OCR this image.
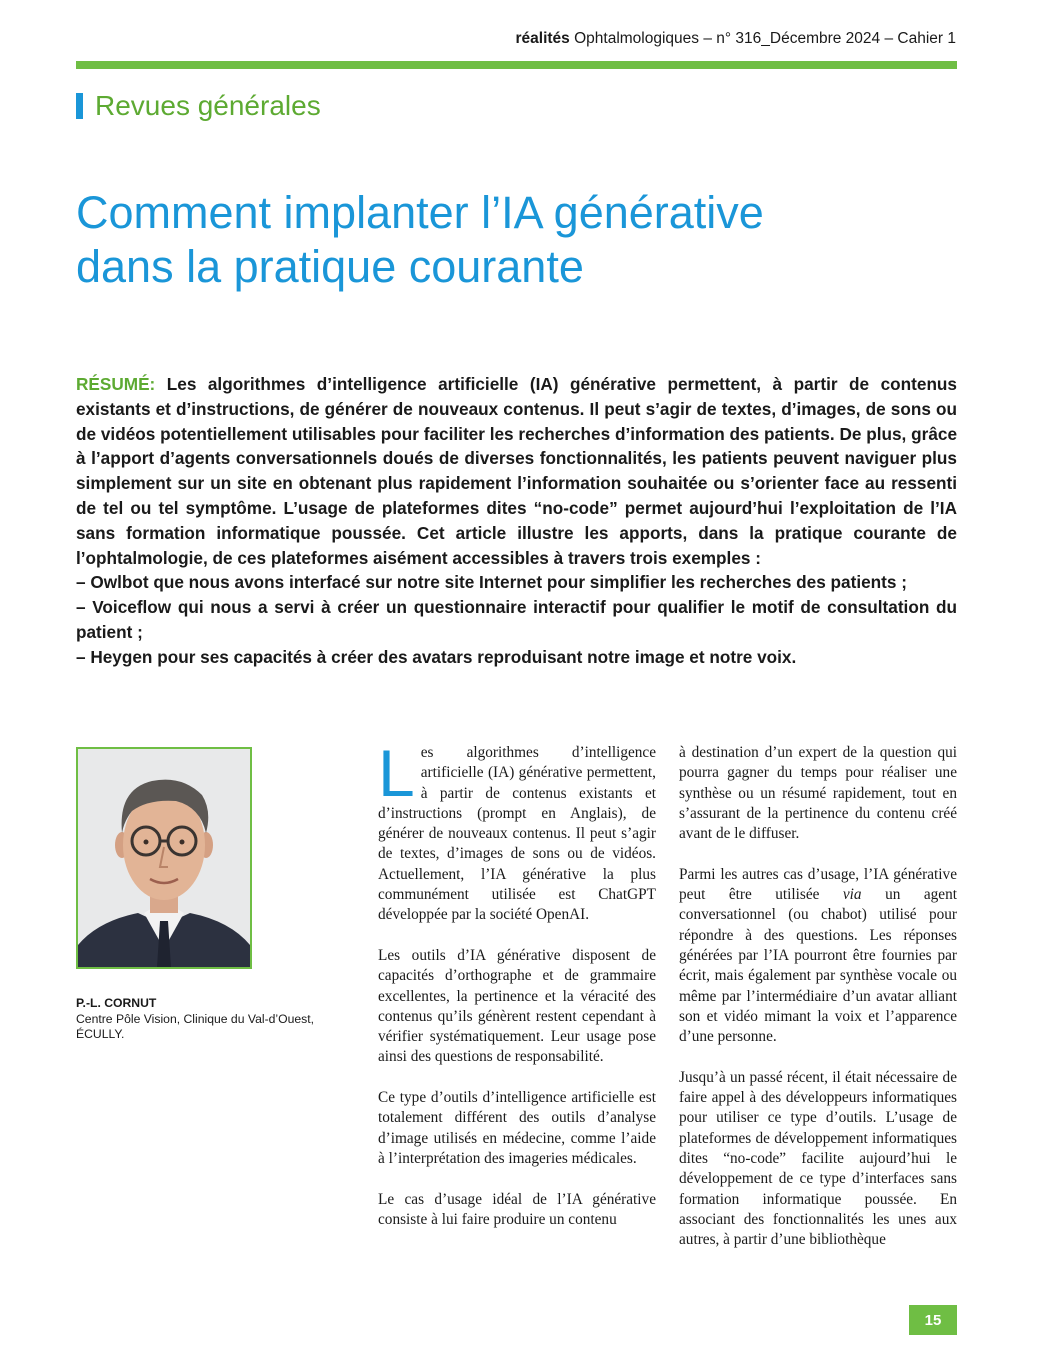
réalités Ophtalmologiques – n° 316_Décembre 2024 – Cahier 1
Revues générales
Comment implanter l’IA générative
dans la pratique courante

RÉSUMÉ: Les algorithmes d’intelligence artificielle (IA) générative permettent, à partir de contenus existants et d’instructions, de générer de nouveaux contenus. Il peut s’agir de textes, d’images, de sons ou de vidéos potentiellement utilisables pour faciliter les recherches d’information des patients. De plus, grâce à l’apport d’agents conversationnels doués de diverses fonctionnalités, les patients peuvent naviguer plus simplement sur un site en obtenant plus rapidement l’information souhaitée ou s’orienter face au ressenti de tel ou tel symptôme. L’usage de plateformes dites “no-code” permet aujourd’hui l’exploitation de l’IA sans formation informatique poussée. Cet article illustre les apports, dans la pratique courante de l’ophtalmologie, de ces plateformes aisément accessibles à travers trois exemples :

– Owlbot que nous avons interfacé sur notre site Internet pour simplifier les recherches des patients ;

– Voiceflow qui nous a servi à créer un questionnaire interactif pour qualifier le motif de consultation du patient ;

– Heygen pour ses capacités à créer des avatars reproduisant notre image et notre voix.

P.-L. CORNUT
Centre Pôle Vision, Clinique du Val-d’Ouest, ÉCULLY.

Les algorithmes d’intelligence artificielle (IA) générative permettent, à partir de contenus existants et d’instructions (prompt en Anglais), de générer de nouveaux contenus. Il peut s’agir de textes, d’images de sons ou de vidéos. Actuellement, l’IA générative la plus communément utilisée est ChatGPT développée par la société OpenAI.

Les outils d’IA générative disposent de capacités d’orthographe et de grammaire excellentes, la pertinence et la véracité des contenus qu’ils génèrent restent cependant à vérifier systématiquement. Leur usage pose ainsi des questions de responsabilité.

Ce type d’outils d’intelligence artificielle est totalement différent des outils d’analyse d’image utilisés en médecine, comme l’aide à l’interprétation des imageries médicales.

Le cas d’usage idéal de l’IA générative consiste à lui faire produire un contenu

à destination d’un expert de la question qui pourra gagner du temps pour réaliser une synthèse ou un résumé rapidement, tout en s’assurant de la pertinence du contenu créé avant de le diffuser.

Parmi les autres cas d’usage, l’IA générative peut être utilisée via un agent conversationnel (ou chabot) utilisé pour répondre à des questions. Les réponses générées par l’IA pourront être fournies par écrit, mais également par synthèse vocale ou même par l’intermédiaire d’un avatar alliant son et vidéo mimant la voix et l’apparence d’une personne.

Jusqu’à un passé récent, il était nécessaire de faire appel à des développeurs informatiques pour utiliser ce type d’outils. L’usage de plateformes de développement informatiques dites “no-code” facilite aujourd’hui le développement de ce type d’interfaces sans formation informatique poussée. En associant des fonctionnalités les unes aux autres, à partir d’une bibliothèque

15
